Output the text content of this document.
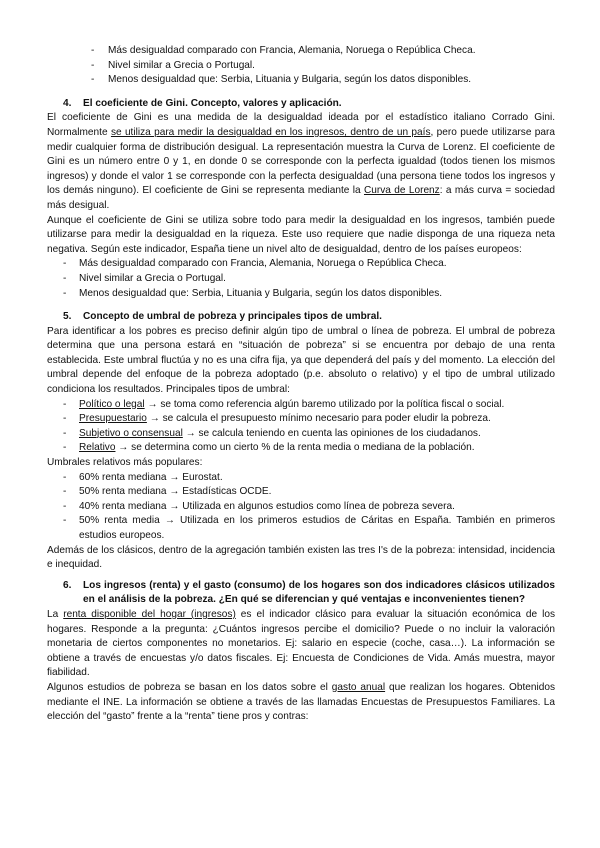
- Más desigualdad comparado con Francia, Alemania, Noruega o República Checa.
- Nivel similar a Grecia o Portugal.
- Menos desigualdad que: Serbia, Lituania y Bulgaria, según los datos disponibles.

4. El coeficiente de Gini. Concepto, valores y aplicación.

El coeficiente de Gini es una medida de la desigualdad ideada por el estadístico italiano Corrado Gini. Normalmente se utiliza para medir la desigualdad en los ingresos, dentro de un país, pero puede utilizarse para medir cualquier forma de distribución desigual. La representación muestra la Curva de Lorenz. El coeficiente de Gini es un número entre 0 y 1, en donde 0 se corresponde con la perfecta igualdad (todos tienen los mismos ingresos) y donde el valor 1 se corresponde con la perfecta desigualdad (una persona tiene todos los ingresos y los demás ninguno). El coeficiente de Gini se representa mediante la Curva de Lorenz: a más curva = sociedad más desigual.

Aunque el coeficiente de Gini se utiliza sobre todo para medir la desigualdad en los ingresos, también puede utilizarse para medir la desigualdad en la riqueza. Este uso requiere que nadie disponga de una riqueza neta negativa. Según este indicador, España tiene un nivel alto de desigualdad, dentro de los países europeos:

- Más desigualdad comparado con Francia, Alemania, Noruega o República Checa.
- Nivel similar a Grecia o Portugal.
- Menos desigualdad que: Serbia, Lituania y Bulgaria, según los datos disponibles.

5. Concepto de umbral de pobreza y principales tipos de umbral.

Para identificar a los pobres es preciso definir algún tipo de umbral o línea de pobreza. El umbral de pobreza determina que una persona estará en “situación de pobreza” si se encuentra por debajo de una renta establecida. Este umbral fluctúa y no es una cifra fija, ya que dependerá del país y del momento. La elección del umbral depende del enfoque de la pobreza adoptado (p.e. absoluto o relativo) y el tipo de umbral utilizado condiciona los resultados. Principales tipos de umbral:

- Político o legal → se toma como referencia algún baremo utilizado por la política fiscal o social.
- Presupuestario → se calcula el presupuesto mínimo necesario para poder eludir la pobreza.
- Subjetivo o consensual → se calcula teniendo en cuenta las opiniones de los ciudadanos.
- Relativo → se determina como un cierto % de la renta media o mediana de la población.

Umbrales relativos más populares:

- 60% renta mediana → Eurostat.
- 50% renta mediana → Estadísticas OCDE.
- 40% renta mediana → Utilizada en algunos estudios como línea de pobreza severa.
- 50% renta media → Utilizada en los primeros estudios de Cáritas en España. También en primeros estudios europeos.

Además de los clásicos, dentro de la agregación también existen las tres I's de la pobreza: intensidad, incidencia e inequidad.

6.	Los ingresos (renta) y el gasto (consumo) de los hogares son dos indicadores clásicos utilizados en el análisis de la pobreza. ¿En qué se diferencian y qué ventajas e inconvenientes tienen?

La renta disponible del hogar (ingresos) es el indicador clásico para evaluar la situación económica de los hogares. Responde a la pregunta: ¿Cuántos ingresos percibe el domicilio? Puede o no incluir la valoración monetaria de ciertos componentes no monetarios. Ej: salario en especie (coche, casa…). La información se obtiene a través de encuestas y/o datos fiscales. Ej: Encuesta de Condiciones de Vida. Amás muestra, mayor fiabilidad.

Algunos estudios de pobreza se basan en los datos sobre el gasto anual que realizan los hogares. Obtenidos mediante el INE. La información se obtiene a través de las llamadas Encuestas de Presupuestos Familiares. La elección del “gasto” frente a la “renta” tiene pros y contras:
